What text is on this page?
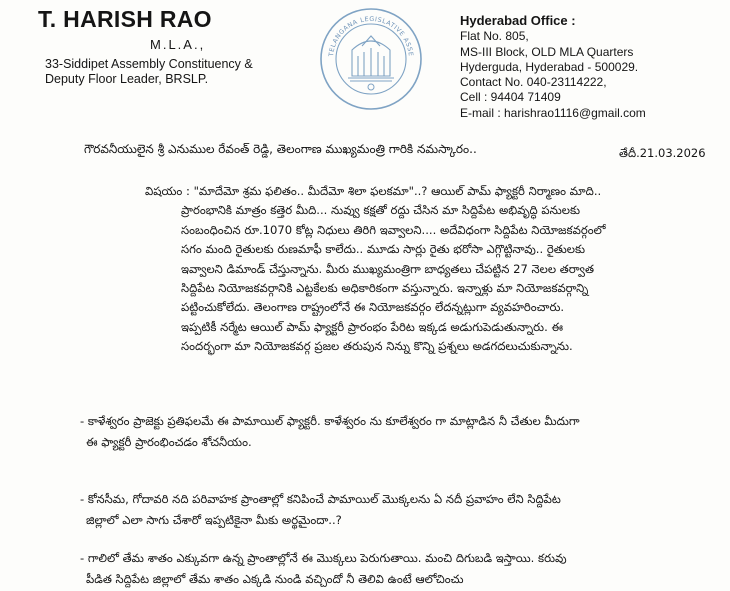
T. HARISH RAO
M.L.A.,
33-Siddipet Assembly Constituency &
Deputy Floor Leader, BRSLP.
TELANGANA LEGISLATIVE ASSE
Hyderabad Office :
Flat No. 805,
MS-III Block, OLD MLA Quarters
Hyderguda, Hyderabad - 500029.
Contact No. 040-23114222,
Cell : 94404 71409
E-mail : harishrao1116@gmail.com
తేదీ.21.03.2026
గౌరవనీయులైన శ్రీ ఎనుముల రేవంత్ రెడ్డి, తెలంగాణ ముఖ్యమంత్రి గారికి నమస్కారం..
విషయం : "మాదేమో శ్రమ ఫలితం.. మీదేమో శిలా ఫలకమా"..? ఆయిల్ పామ్ ఫ్యాక్టరీ నిర్మాణం మాది..
ప్రారంభానికి మాత్రం కత్తెర మీది... నువ్వు కక్షతో రద్దు చేసిన మా సిద్దిపేట అభివృద్ధి పనులకు
సంబంధించిన రూ.1070 కోట్ల నిధులు తిరిగి ఇవ్వాలని.... అదేవిధంగా సిద్దిపేట నియోజకవర్గంలో
సగం మంది రైతులకు రుణమాఫీ కాలేదు.. మూడు సార్లు రైతు భరోసా ఎగ్గొట్టినావు.. రైతులకు
ఇవ్వాలని డిమాండ్ చేస్తున్నాను. మీరు ముఖ్యమంత్రిగా బాధ్యతలు చేపట్టిన 27 నెలల తర్వాత
సిద్దిపేట నియోజకవర్గానికి ఎట్టకేలకు అధికారికంగా వస్తున్నారు. ఇన్నాళ్లు మా నియోజకవర్గాన్ని
పట్టించుకోలేదు. తెలంగాణ రాష్ట్రంలోనే ఈ నియోజకవర్గం లేదన్నట్లుగా వ్యవహరించారు.
ఇప్పటికీ నర్మేట ఆయిల్ పామ్ ఫ్యాక్టరీ ప్రారంభం పేరిట ఇక్కడ అడుగుపెడుతున్నారు. ఈ
సందర్భంగా మా నియోజకవర్గ ప్రజల తరుపున నిన్ను కొన్ని ప్రశ్నలు అడగదలుచుకున్నాను.
- కాళేశ్వరం ప్రాజెక్టు ప్రతిఫలమే ఈ పామాయిల్ ఫ్యాక్టరీ. కాళేశ్వరం ను కూలేశ్వరం గా మాట్లాడిన నీ చేతుల మీదుగా
ఈ ఫ్యాక్టరీ ప్రారంభించడం శోచనీయం.
- కోనసీమ, గోదావరి నది పరివాహక ప్రాంతాల్లో కనిపించే పామాయిల్ మొక్కలను ఏ నదీ ప్రవాహం లేని సిద్దిపేట
జిల్లాలో ఎలా సాగు చేశారో ఇప్పటికైనా మీకు అర్థమైందా..?
- గాలిలో తేమ శాతం ఎక్కువగా ఉన్న ప్రాంతాల్లోనే ఈ మొక్కలు పెరుగుతాయి. మంచి దిగుబడి ఇస్తాయి. కరువు
పీడిత సిద్దిపేట జిల్లాలో తేమ శాతం ఎక్కడి నుండి వచ్చిందో నీ తెలివి ఉంటే ఆలోచించు
